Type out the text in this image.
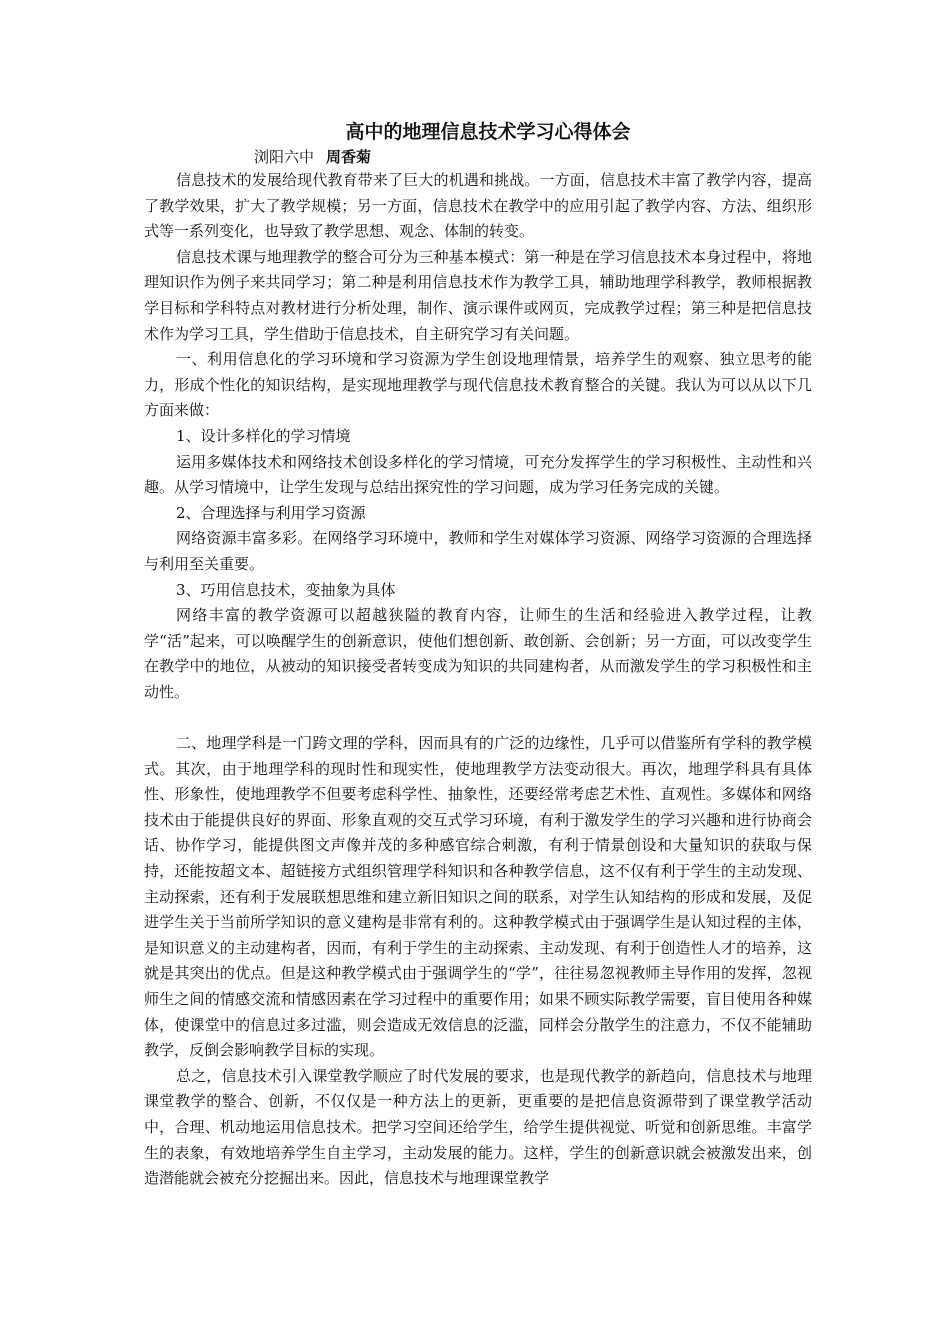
高中的地理信息技术学习心得体会

浏阳六中 周香菊

信息技术的发展给现代教育带来了巨大的机遇和挑战。一方面，信息技术丰富了教学内容，提高了教学效果，扩大了教学规模；另一方面，信息技术在教学中的应用引起了教学内容、方法、组织形式等一系列变化，也导致了教学思想、观念、体制的转变。

信息技术课与地理教学的整合可分为三种基本模式：第一种是在学习信息技术本身过程中，将地理知识作为例子来共同学习；第二种是利用信息技术作为教学工具，辅助地理学科教学，教师根据教学目标和学科特点对教材进行分析处理，制作、演示课件或网页，完成教学过程；第三种是把信息技术作为学习工具，学生借助于信息技术，自主研究学习有关问题。

一、利用信息化的学习环境和学习资源为学生创设地理情景，培养学生的观察、独立思考的能力，形成个性化的知识结构，是实现地理教学与现代信息技术教育整合的关键。我认为可以从以下几方面来做：

1、设计多样化的学习情境

运用多媒体技术和网络技术创设多样化的学习情境，可充分发挥学生的学习积极性、主动性和兴趣。从学习情境中，让学生发现与总结出探究性的学习问题，成为学习任务完成的关键。

2、合理选择与利用学习资源

网络资源丰富多彩。在网络学习环境中，教师和学生对媒体学习资源、网络学习资源的合理选择与利用至关重要。

3、巧用信息技术，变抽象为具体

网络丰富的教学资源可以超越狭隘的教育内容，让师生的生活和经验进入教学过程，让教学“活”起来，可以唤醒学生的创新意识，使他们想创新、敢创新、会创新；另一方面，可以改变学生在教学中的地位，从被动的知识接受者转变成为知识的共同建构者，从而激发学生的学习积极性和主动性。

二、地理学科是一门跨文理的学科，因而具有的广泛的边缘性，几乎可以借鉴所有学科的教学模式。其次，由于地理学科的现时性和现实性，使地理教学方法变动很大。再次，地理学科具有具体性、形象性，使地理教学不但要考虑科学性、抽象性，还要经常考虑艺术性、直观性。多媒体和网络技术由于能提供良好的界面、形象直观的交互式学习环境，有利于激发学生的学习兴趣和进行协商会话、协作学习，能提供图文声像并茂的多种感官综合刺激，有利于情景创设和大量知识的获取与保持，还能按超文本、超链接方式组织管理学科知识和各种教学信息，这不仅有利于学生的主动发现、主动探索，还有利于发展联想思维和建立新旧知识之间的联系，对学生认知结构的形成和发展，及促进学生关于当前所学知识的意义建构是非常有利的。这种教学模式由于强调学生是认知过程的主体，是知识意义的主动建构者，因而，有利于学生的主动探索、主动发现、有利于创造性人才的培养，这就是其突出的优点。但是这种教学模式由于强调学生的“学”，往往易忽视教师主导作用的发挥，忽视师生之间的情感交流和情感因素在学习过程中的重要作用；如果不顾实际教学需要，盲目使用各种媒体，使课堂中的信息过多过滥，则会造成无效信息的泛滥，同样会分散学生的注意力，不仅不能辅助教学，反倒会影响教学目标的实现。

总之，信息技术引入课堂教学顺应了时代发展的要求，也是现代教学的新趋向，信息技术与地理课堂教学的整合、创新，不仅仅是一种方法上的更新，更重要的是把信息资源带到了课堂教学活动中，合理、机动地运用信息技术。把学习空间还给学生，给学生提供视觉、听觉和创新思维。丰富学生的表象，有效地培养学生自主学习，主动发展的能力。这样，学生的创新意识就会被激发出来，创造潜能就会被充分挖掘出来。因此，信息技术与地理课堂教学
